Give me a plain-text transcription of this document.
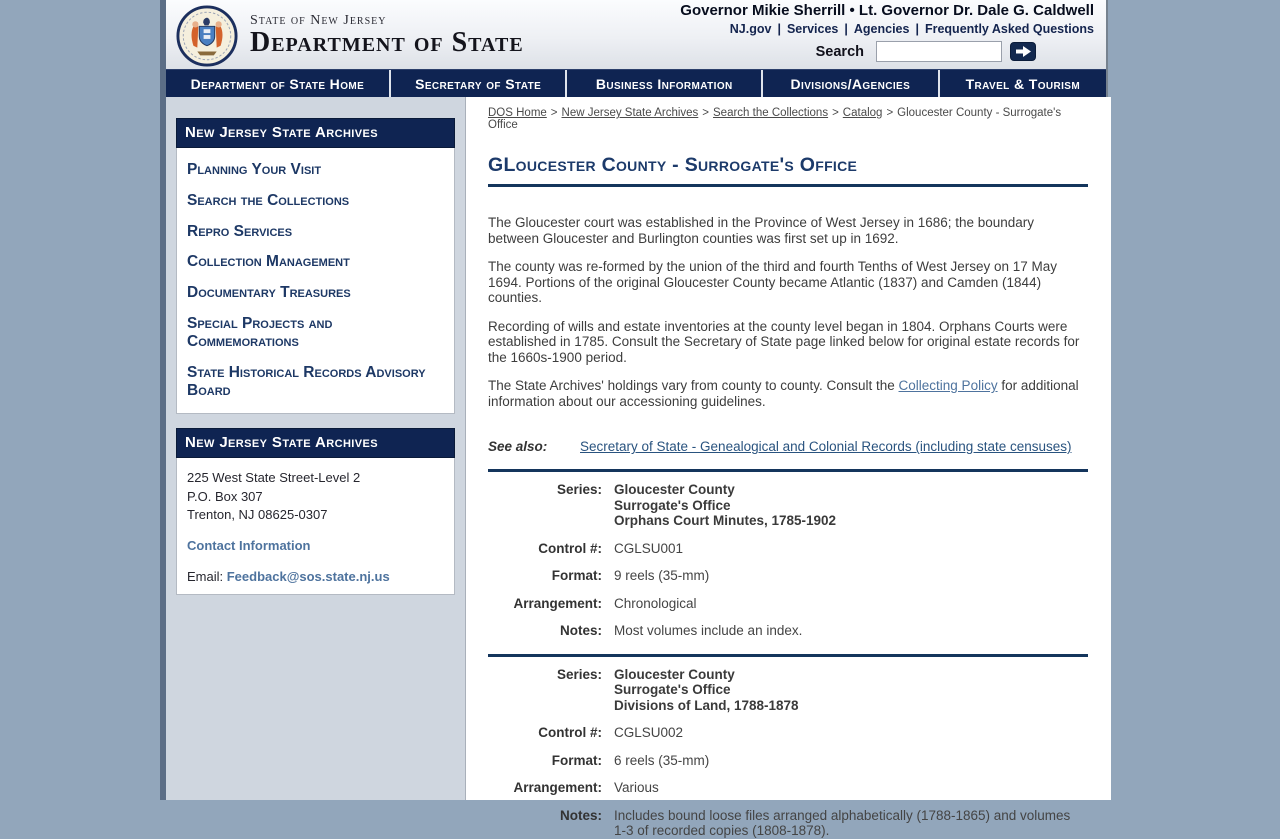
State of New Jersey
Department of State
Governor Mikie Sherrill • Lt. Governor Dr. Dale G. Caldwell
NJ.gov | Services | Agencies | Frequently Asked Questions
Search
Department of State Home	Secretary of State	Business Information	Divisions/Agencies	Travel & Tourism
New Jersey State Archives
Planning Your Visit
Search the Collections
Repro Services
Collection Management
Documentary Treasures
Special Projects and Commemorations
State Historical Records Advisory Board
New Jersey State Archives
225 West State Street-Level 2
P.O. Box 307
Trenton, NJ 08625-0307
Contact Information
Email: Feedback@sos.state.nj.us
DOS Home > New Jersey State Archives > Search the Collections > Catalog > Gloucester County - Surrogate's Office
GLoucester County - Surrogate's Office

The Gloucester court was established in the Province of West Jersey in 1686; the boundary between Gloucester and Burlington counties was first set up in 1692.

The county was re-formed by the union of the third and fourth Tenths of West Jersey on 17 May 1694. Portions of the original Gloucester County became Atlantic (1837) and Camden (1844) counties.

Recording of wills and estate inventories at the county level began in 1804. Orphans Courts were established in 1785. Consult the Secretary of State page linked below for original estate records for the 1660s-1900 period.

The State Archives' holdings vary from county to county. Consult the Collecting Policy for additional information about our accessioning guidelines.

See also:	Secretary of State - Genealogical and Colonial Records (including state censuses)
Series: Gloucester County
Surrogate's Office
Orphans Court Minutes, 1785-1902
Control #: CGLSU001
Format: 9 reels (35-mm)
Arrangement: Chronological
Notes: Most volumes include an index.
Series: Gloucester County
Surrogate's Office
Divisions of Land, 1788-1878
Control #: CGLSU002
Format: 6 reels (35-mm)
Arrangement: Various
Notes: Includes bound loose files arranged alphabetically (1788-1865) and volumes 1-3 of recorded copies (1808-1878).
